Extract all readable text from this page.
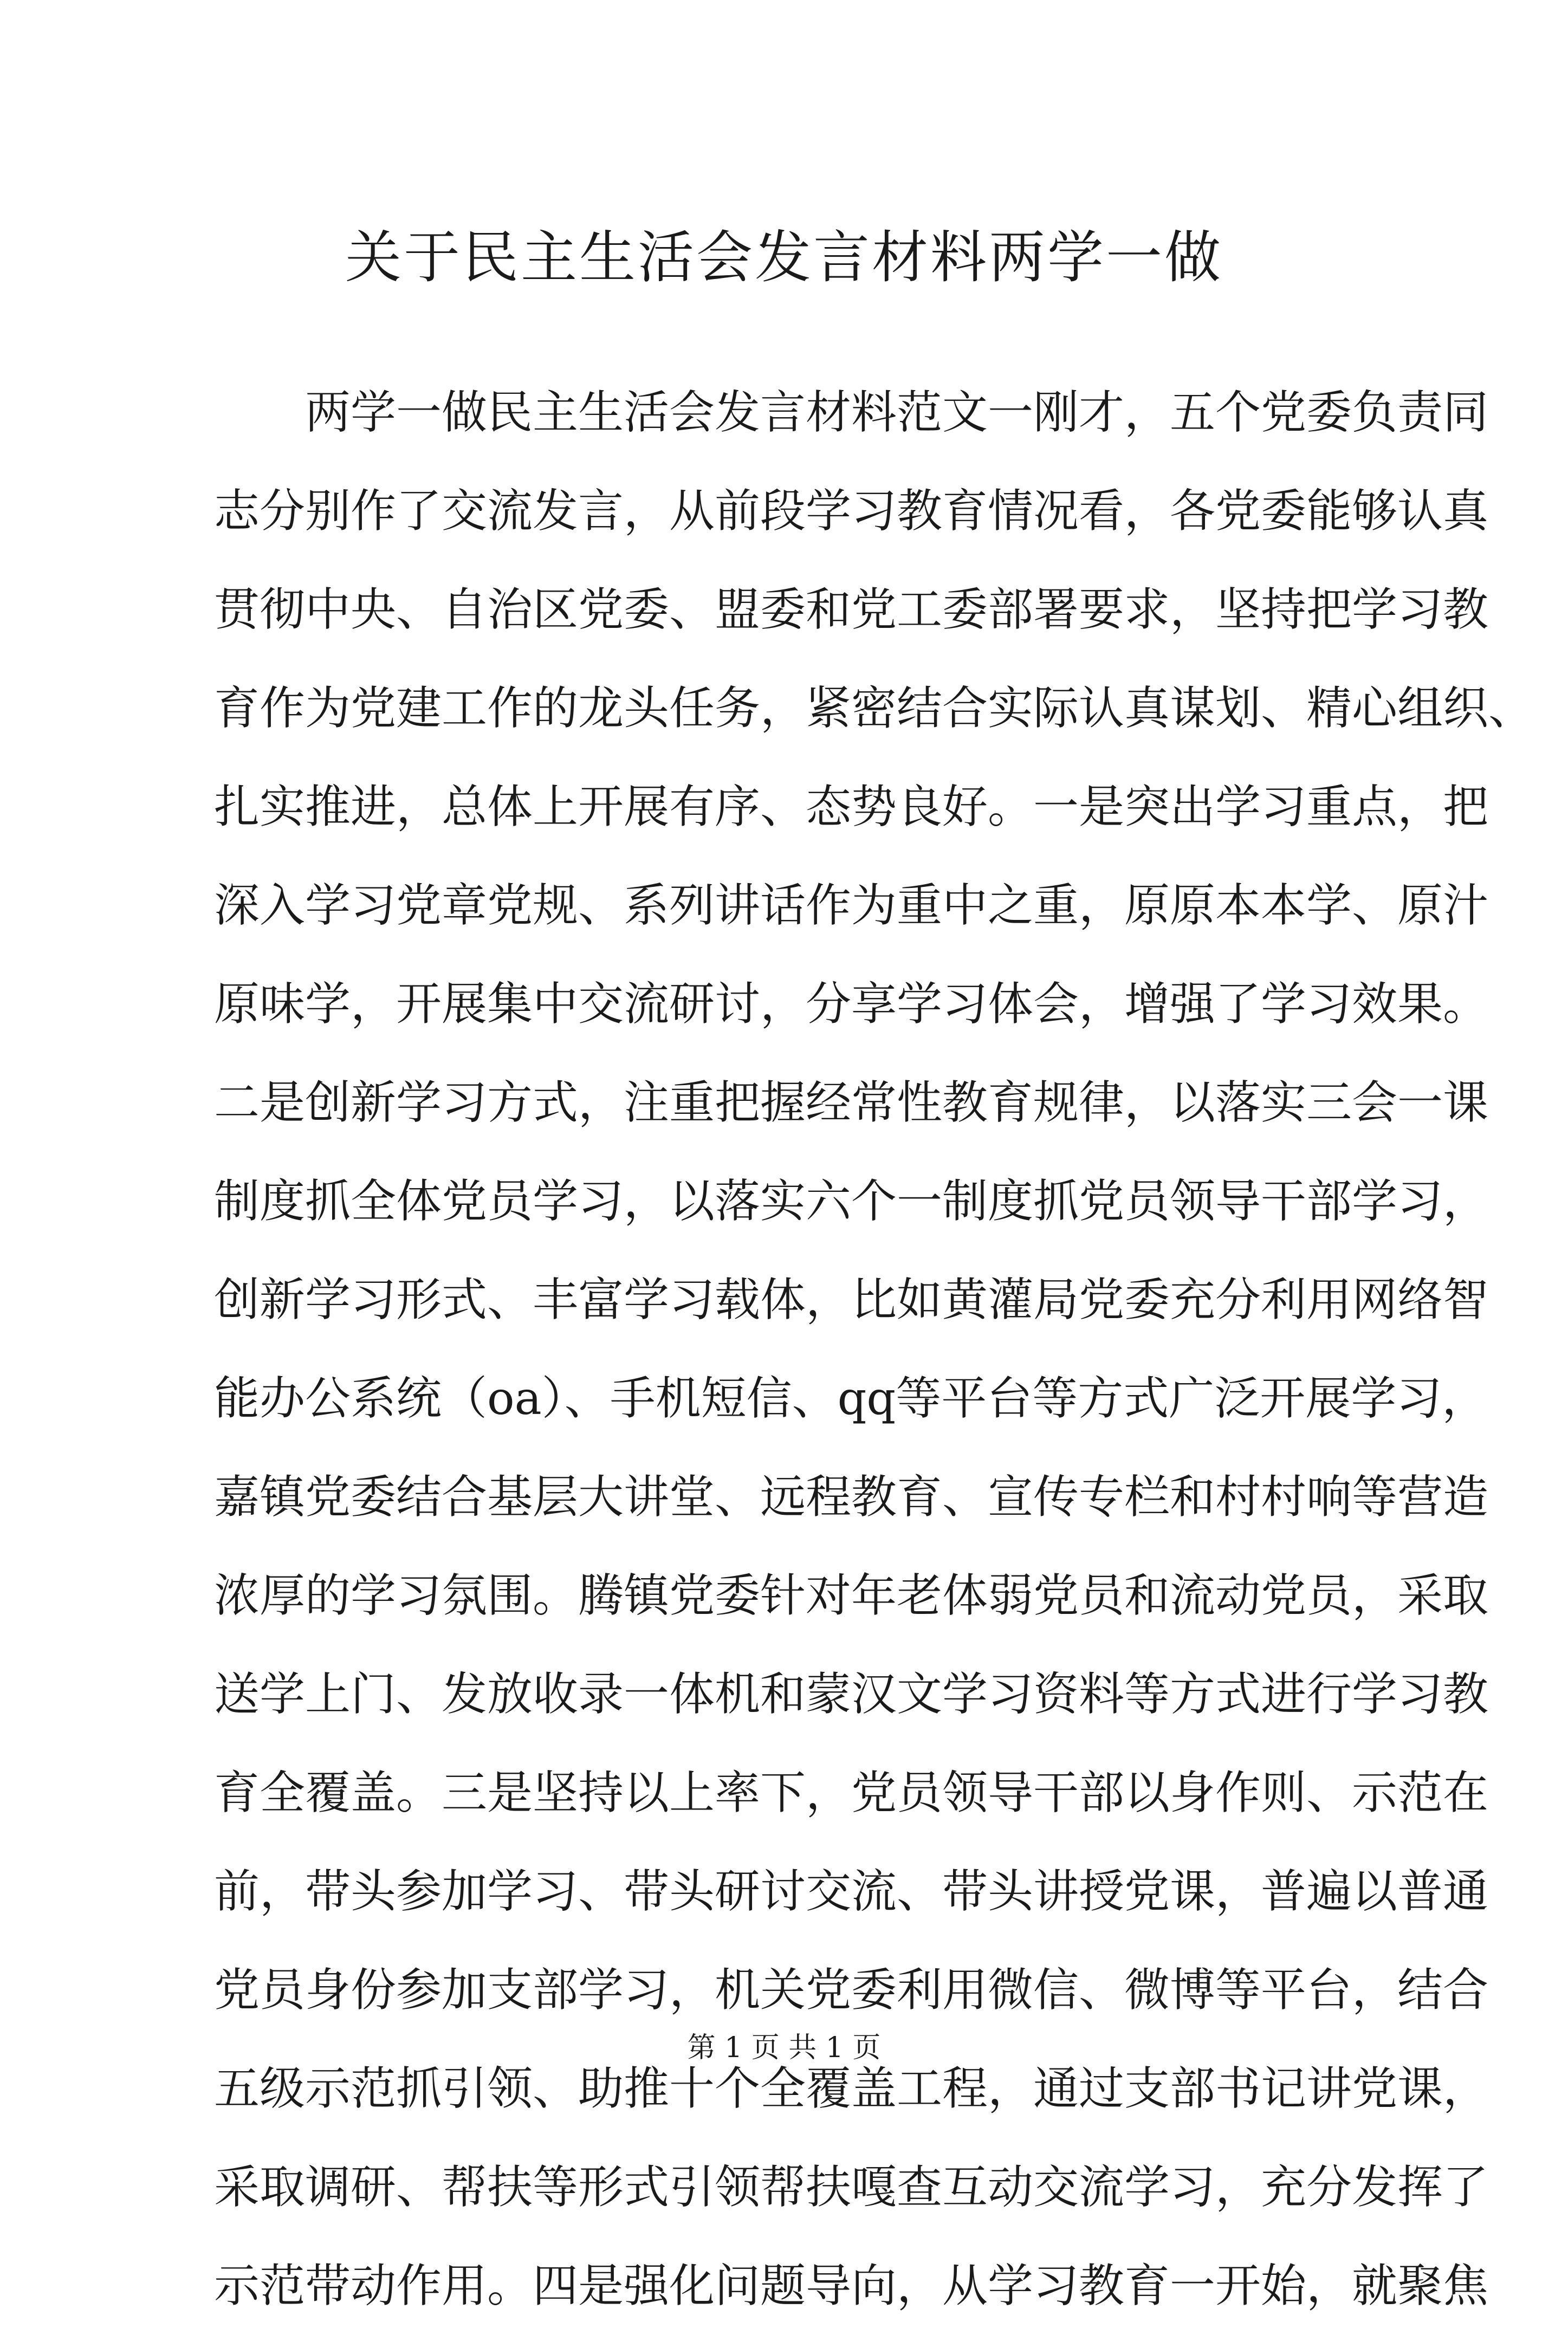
关于民主生活会发言材料两学一做
两学一做民主生活会发言材料范文一刚才，五个党委负责同
志分别作了交流发言，从前段学习教育情况看，各党委能够认真
贯彻中央、自治区党委、盟委和党工委部署要求，坚持把学习教
育作为党建工作的龙头任务，紧密结合实际认真谋划、精心组织、
扎实推进，总体上开展有序、态势良好。一是突出学习重点，把
深入学习党章党规、系列讲话作为重中之重，原原本本学、原汁
原味学，开展集中交流研讨，分享学习体会，增强了学习效果。
二是创新学习方式，注重把握经常性教育规律，以落实三会一课
制度抓全体党员学习，以落实六个一制度抓党员领导干部学习，
创新学习形式、丰富学习载体，比如黄灌局党委充分利用网络智
能办公系统（oa）、手机短信、qq等平台等方式广泛开展学习，
嘉镇党委结合基层大讲堂、远程教育、宣传专栏和村村响等营造
浓厚的学习氛围。腾镇党委针对年老体弱党员和流动党员，采取
送学上门、发放收录一体机和蒙汉文学习资料等方式进行学习教
育全覆盖。三是坚持以上率下，党员领导干部以身作则、示范在
前，带头参加学习、带头研讨交流、带头讲授党课，普遍以普通
党员身份参加支部学习，机关党委利用微信、微博等平台，结合
五级示范抓引领、助推十个全覆盖工程，通过支部书记讲党课，
采取调研、帮扶等形式引领帮扶嘎查互动交流学习，充分发挥了
示范带动作用。四是强化问题导向，从学习教育一开始，就聚焦
第 1 页 共 1 页
